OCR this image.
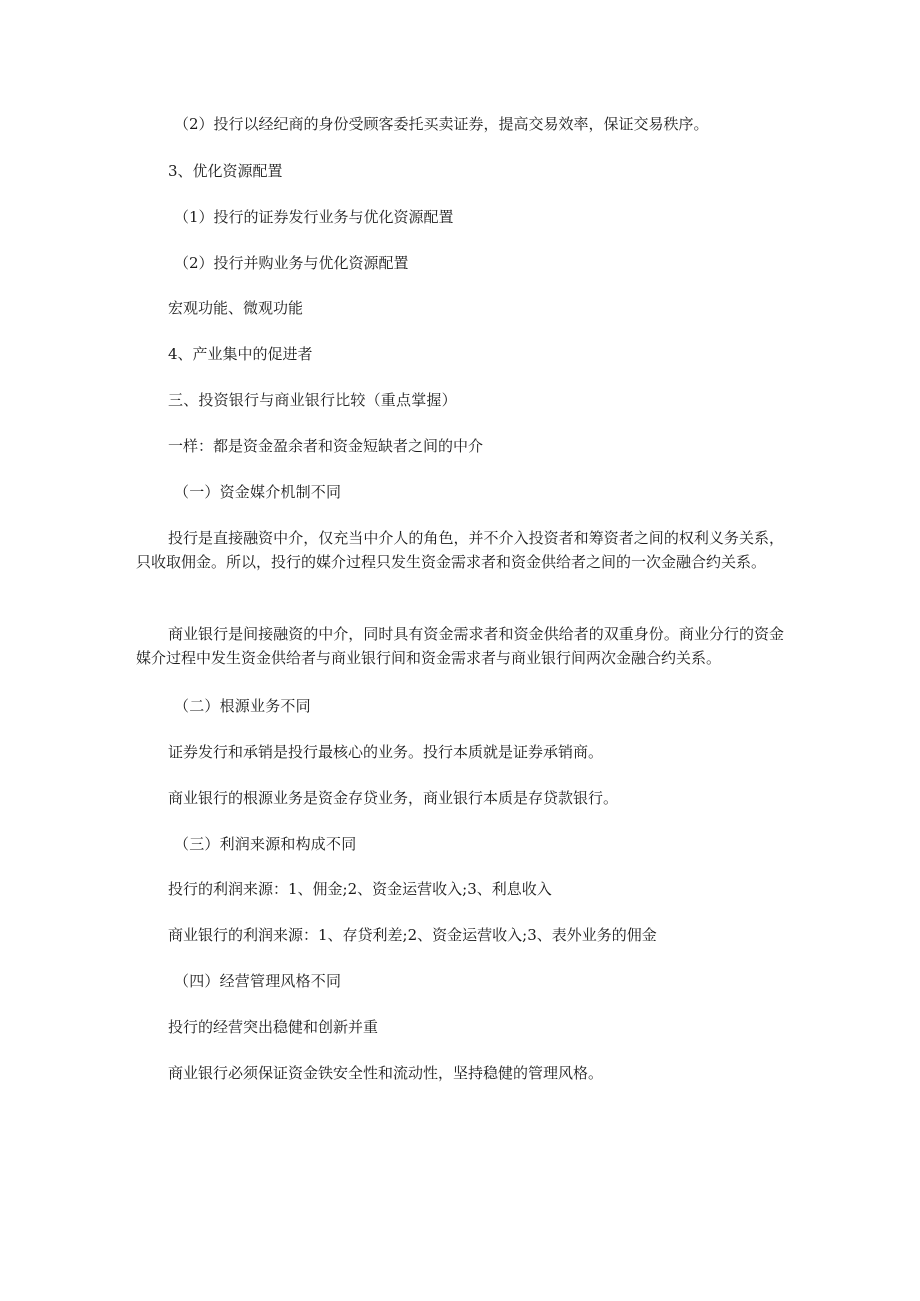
（2）投行以经纪商的身份受顾客委托买卖证券，提高交易效率，保证交易秩序。
3、优化资源配置
（1）投行的证券发行业务与优化资源配置
（2）投行并购业务与优化资源配置
宏观功能、微观功能
4、产业集中的促进者
三、投资银行与商业银行比较（重点掌握）
一样：都是资金盈余者和资金短缺者之间的中介
（一）资金媒介机制不同
投行是直接融资中介，仅充当中介人的角色，并不介入投资者和筹资者之间的权利义务关系，只收取佣金。所以，投行的媒介过程只发生资金需求者和资金供给者之间的一次金融合约关系。
商业银行是间接融资的中介，同时具有资金需求者和资金供给者的双重身份。商业分行的资金媒介过程中发生资金供给者与商业银行间和资金需求者与商业银行间两次金融合约关系。
（二）根源业务不同
证券发行和承销是投行最核心的业务。投行本质就是证券承销商。
商业银行的根源业务是资金存贷业务，商业银行本质是存贷款银行。
（三）利润来源和构成不同
投行的利润来源：1、佣金;2、资金运营收入;3、利息收入
商业银行的利润来源：1、存贷利差;2、资金运营收入;3、表外业务的佣金
（四）经营管理风格不同
投行的经营突出稳健和创新并重
商业银行必须保证资金铁安全性和流动性，坚持稳健的管理风格。
